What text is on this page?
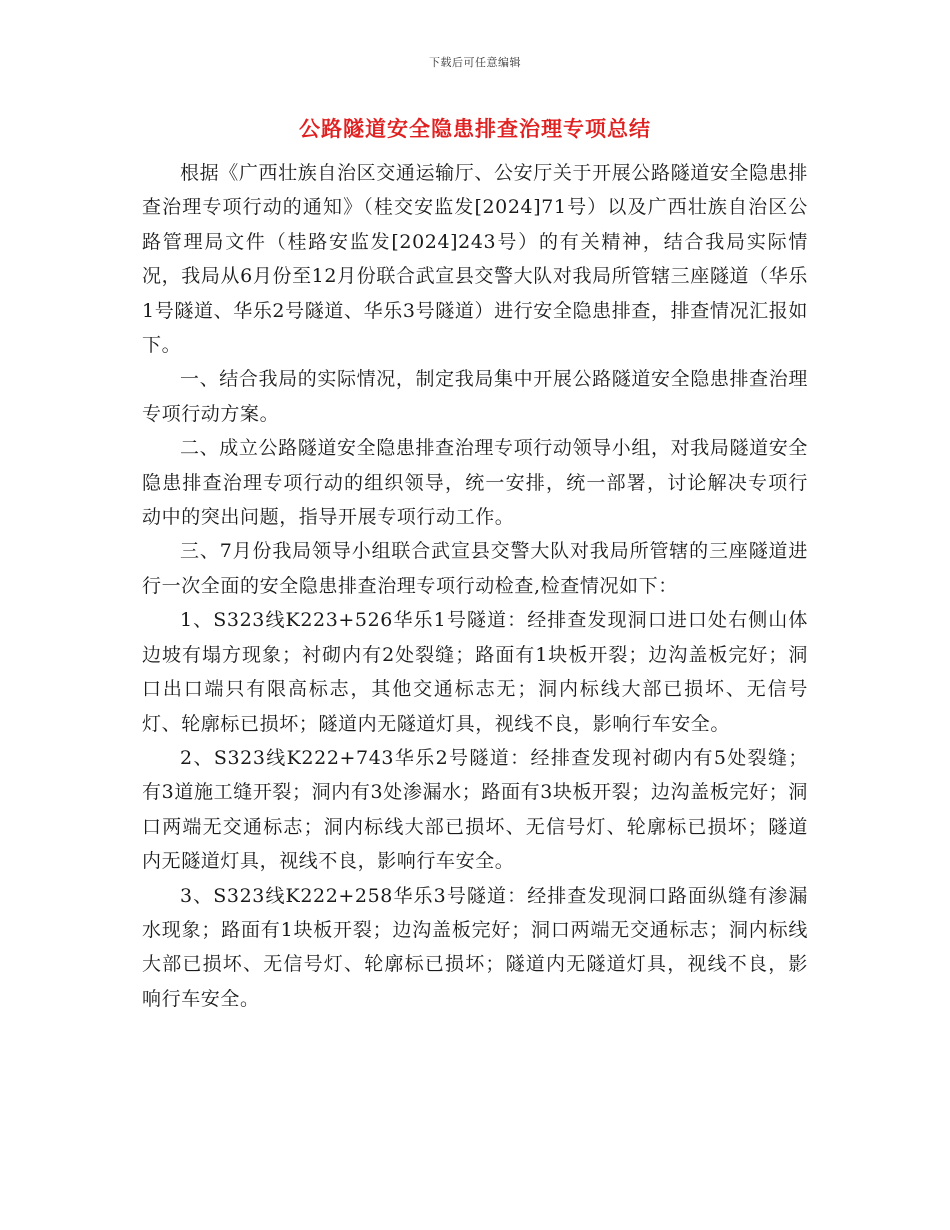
下载后可任意编辑
公路隧道安全隐患排查治理专项总结

根据《广西壮族自治区交通运输厅、公安厅关于开展公路隧道安全隐患排查治理专项行动的通知》（桂交安监发[2024]71号）以及广西壮族自治区公路管理局文件（桂路安监发[2024]243号）的有关精神，结合我局实际情况，我局从6月份至12月份联合武宣县交警大队对我局所管辖三座隧道（华乐1号隧道、华乐2号隧道、华乐3号隧道）进行安全隐患排查，排查情况汇报如下。

一、结合我局的实际情况，制定我局集中开展公路隧道安全隐患排查治理专项行动方案。

二、成立公路隧道安全隐患排查治理专项行动领导小组，对我局隧道安全隐患排查治理专项行动的组织领导，统一安排，统一部署，讨论解决专项行动中的突出问题，指导开展专项行动工作。

三、7月份我局领导小组联合武宣县交警大队对我局所管辖的三座隧道进行一次全面的安全隐患排查治理专项行动检查,检查情况如下：

1、S323线K223+526华乐1号隧道：经排查发现洞口进口处右侧山体边坡有塌方现象；衬砌内有2处裂缝；路面有1块板开裂；边沟盖板完好；洞口出口端只有限高标志，其他交通标志无；洞内标线大部已损坏、无信号灯、轮廓标已损坏；隧道内无隧道灯具，视线不良，影响行车安全。

2、S323线K222+743华乐2号隧道：经排查发现衬砌内有5处裂缝；有3道施工缝开裂；洞内有3处渗漏水；路面有3块板开裂；边沟盖板完好；洞口两端无交通标志；洞内标线大部已损坏、无信号灯、轮廓标已损坏；隧道内无隧道灯具，视线不良，影响行车安全。

3、S323线K222+258华乐3号隧道：经排查发现洞口路面纵缝有渗漏水现象；路面有1块板开裂；边沟盖板完好；洞口两端无交通标志；洞内标线大部已损坏、无信号灯、轮廓标已损坏；隧道内无隧道灯具，视线不良，影响行车安全。
